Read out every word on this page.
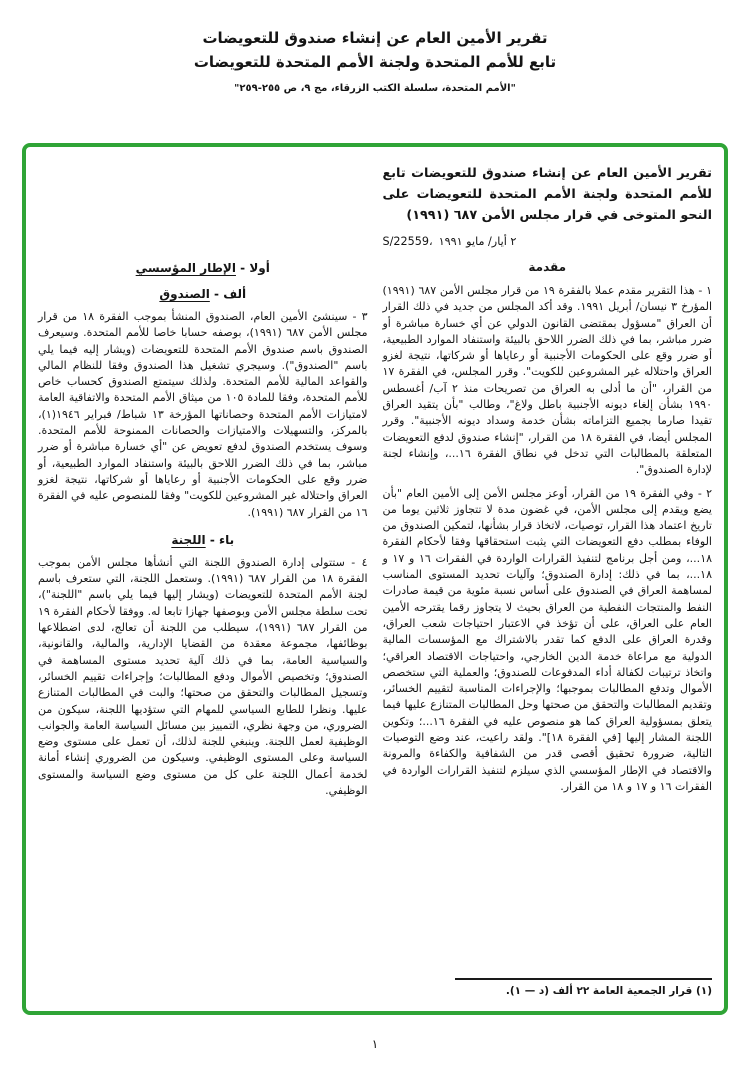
تقرير الأمين العام عن إنشاء صندوق للتعويضات
تابع للأمم المتحدة ولجنة الأمم المتحدة للتعويضات
"الأمم المتحدة، سلسلة الكتب الزرقاء، مج ٩، ص ٢٥٥-٢٥٩"
تقرير الأمين العام عن إنشاء صندوق للتعويضات تابع للأمم المتحدة ولجنة الأمم المتحدة للتعويضات على النحو المتوخى في قرار مجلس الأمن ٦٨٧ (١٩٩١)
S/22559، ٢ أيار/ مايو ١٩٩١
مقدمة

١ - هذا التقرير مقدم عملا بالفقرة ١٩ من قرار مجلس الأمن ٦٨٧ (١٩٩١) المؤرخ ٣ نيسان/ أبريل ١٩٩١. وقد أكد المجلس من جديد في ذلك القرار أن العراق "مسؤول بمقتضى القانون الدولي عن أي خسارة مباشرة أو ضرر مباشر، بما في ذلك الضرر اللاحق بالبيئة واستنفاد الموارد الطبيعية، أو ضرر وقع على الحكومات الأجنبية أو رعاياها أو شركاتها، نتيجة لغزو العراق واحتلاله غير المشروعين للكويت". وقرر المجلس، في الفقرة ١٧ من القرار، "أن ما أدلى به العراق من تصريحات منذ ٢ آب/ أغسطس ١٩٩٠ بشأن إلغاء ديونه الأجنبية باطل ولاغ"، وطالب "بأن يتقيد العراق تقيدا صارما بجميع التزاماته بشأن خدمة وسداد ديونه الأجنبية". وقرر المجلس أيضا، في الفقرة ١٨ من القرار، "إنشاء صندوق لدفع التعويضات المتعلقة بالمطالبات التي تدخل في نطاق الفقرة ١٦...، وإنشاء لجنة لإدارة الصندوق".

٢ - وفي الفقرة ١٩ من القرار، أوعز مجلس الأمن إلى الأمين العام "بأن يضع ويقدم إلى مجلس الأمن، في غضون مدة لا تتجاوز ثلاثين يوما من تاريخ اعتماد هذا القرار، توصيات، لاتخاذ قرار بشأنها، لتمكين الصندوق من الوفاء بمطلب دفع التعويضات التي يثبت استحقاقها وفقا لأحكام الفقرة ١٨...، ومن أجل برنامج لتنفيذ القرارات الواردة في الفقرات ١٦ و ١٧ و ١٨...، بما في ذلك: إدارة الصندوق؛ وآليات تحديد المستوى المناسب لمساهمة العراق في الصندوق على أساس نسبة مئوية من قيمة صادرات النفط والمنتجات النفطية من العراق بحيث لا يتجاوز رقما يقترحه الأمين العام على العراق، على أن تؤخذ في الاعتبار احتياجات شعب العراق، وقدرة العراق على الدفع كما تقدر بالاشتراك مع المؤسسات المالية الدولية مع مراعاة خدمة الدين الخارجي، واحتياجات الاقتصاد العراقي؛ واتخاذ ترتيبات لكفالة أداء المدفوعات للصندوق؛ والعملية التي ستخصص الأموال وتدفع المطالبات بموجبها؛ والإجراءات المناسبة لتقييم الخسائر، وتقديم المطالبات والتحقق من صحتها وحل المطالبات المتنازع عليها فيما يتعلق بمسؤولية العراق كما هو منصوص عليه في الفقرة ١٦...؛ وتكوين اللجنة المشار إليها [في الفقرة ١٨]". ولقد راعيت، عند وضع التوصيات التالية، ضرورة تحقيق أقصى قدر من الشفافية والكفاءة والمرونة والاقتصاد في الإطار المؤسسي الذي سيلزم لتنفيذ القرارات الواردة في الفقرات ١٦ و ١٧ و ١٨ من القرار.

(١) قرار الجمعية العامة ٢٢ ألف (د — ١).
أولا - الإطار المؤسسي
ألف - الصندوق

٣ - سينشئ الأمين العام، الصندوق المنشأ بموجب الفقرة ١٨ من قرار مجلس الأمن ٦٨٧ (١٩٩١)، بوصفه حسابا خاصا للأمم المتحدة. وسيعرف الصندوق باسم صندوق الأمم المتحدة للتعويضات (ويشار إليه فيما يلي باسم "الصندوق"). وسيجري تشغيل هذا الصندوق وفقا للنظام المالي والقواعد المالية للأمم المتحدة. ولذلك سيتمتع الصندوق كحساب خاص للأمم المتحدة، وفقا للمادة ١٠٥ من ميثاق الأمم المتحدة والاتفاقية العامة لامتيازات الأمم المتحدة وحصاناتها المؤرخة ١٣ شباط/ فبراير ١٩٤٦(١)، بالمركز، والتسهيلات والامتيازات والحصانات الممنوحة للأمم المتحدة. وسوف يستخدم الصندوق لدفع تعويض عن "أي خسارة مباشرة أو ضرر مباشر، بما في ذلك الضرر اللاحق بالبيئة واستنفاد الموارد الطبيعية، أو ضرر وقع على الحكومات الأجنبية أو رعاياها أو شركاتها، نتيجة لغزو العراق واحتلاله غير المشروعين للكويت" وفقا للمنصوص عليه في الفقرة ١٦ من القرار ٦٨٧ (١٩٩١).

باء - اللجنة

٤ - ستتولى إدارة الصندوق اللجنة التي أنشأها مجلس الأمن بموجب الفقرة ١٨ من القرار ٦٨٧ (١٩٩١). وستعمل اللجنة، التي ستعرف باسم لجنة الأمم المتحدة للتعويضات (ويشار إليها فيما يلي باسم "اللجنة")، تحت سلطة مجلس الأمن وبوصفها جهازا تابعا له. ووفقا لأحكام الفقرة ١٩ من القرار ٦٨٧ (١٩٩١)، سيطلب من اللجنة أن تعالج، لدى اضطلاعها بوظائفها، مجموعة معقدة من القضايا الإدارية، والمالية، والقانونية، والسياسية العامة، بما في ذلك آلية تحديد مستوى المساهمة في الصندوق؛ وتخصيص الأموال ودفع المطالبات؛ وإجراءات تقييم الخسائر، وتسجيل المطالبات والتحقق من صحتها؛ والبت في المطالبات المتنازع عليها. ونظرا للطابع السياسي للمهام التي ستؤديها اللجنة، سيكون من الضروري، من وجهة نظري، التمييز بين مسائل السياسة العامة والجوانب الوظيفية لعمل اللجنة. وينبغي للجنة لذلك، أن تعمل على مستوى وضع السياسة وعلى المستوى الوظيفي. وسيكون من الضروري إنشاء أمانة لخدمة أعمال اللجنة على كل من مستوى وضع السياسة والمستوى الوظيفي.

١
